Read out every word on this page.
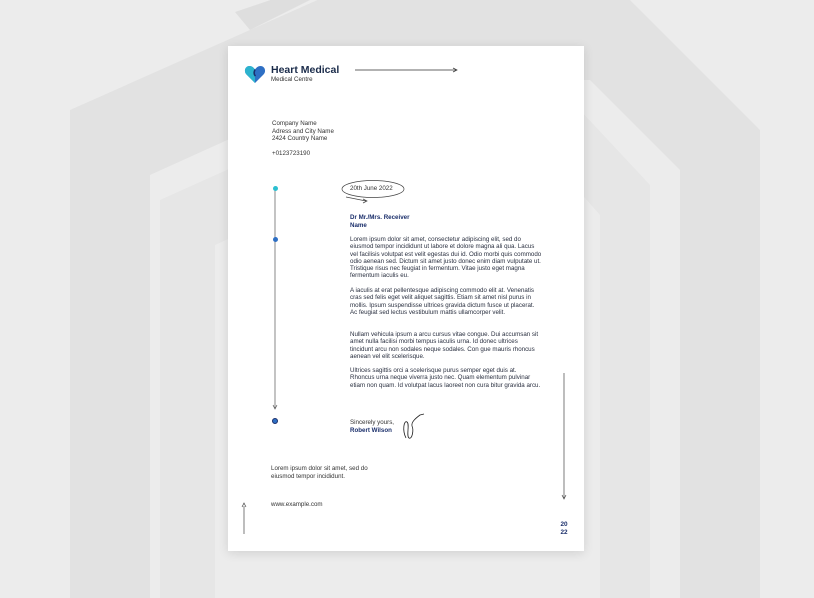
Heart Medical
Medical Centre
Company Name
Adress and City Name
2424 Country Name
+0123723190
20th June 2022
Dr Mr./Mrs. Receiver
Name
Lorem ipsum dolor sit amet, consectetur adipiscing elit, sed do eiusmod tempor incididunt ut labore et dolore magna ali qua. Lacus vel facilisis volutpat est velit egestas dui id. Odio morbi quis commodo odio aenean sed. Dictum sit amet justo donec enim diam vulputate ut. Tristique risus nec feugiat in fermentum. Vitae justo eget magna fermentum iaculis eu.
A iaculis at erat pellentesque adipiscing commodo elit at. Venenatis cras sed felis eget velit aliquet sagittis. Etiam sit amet nisl purus in mollis. Ipsum suspendisse ultrices gravida dictum fusce ut placerat. Ac feugiat sed lectus vestibulum mattis ullamcorper velit.
Nullam vehicula ipsum a arcu cursus vitae congue. Dui accumsan sit amet nulla facilisi morbi tempus iaculis urna. Id donec ultrices tincidunt arcu non sodales neque sodales. Con gue mauris rhoncus aenean vel elit scelerisque.
Ultrices sagittis orci a scelerisque purus semper eget duis at. Rhoncus urna neque viverra justo nec. Quam elementum pulvinar etiam non quam. Id volutpat lacus laoreet non cura bitur gravida arcu.
Sincerely yours,
Robert Wilson
Lorem ipsum dolor sit amet, sed do
eiusmod tempor incididunt.
www.example.com
20
22
